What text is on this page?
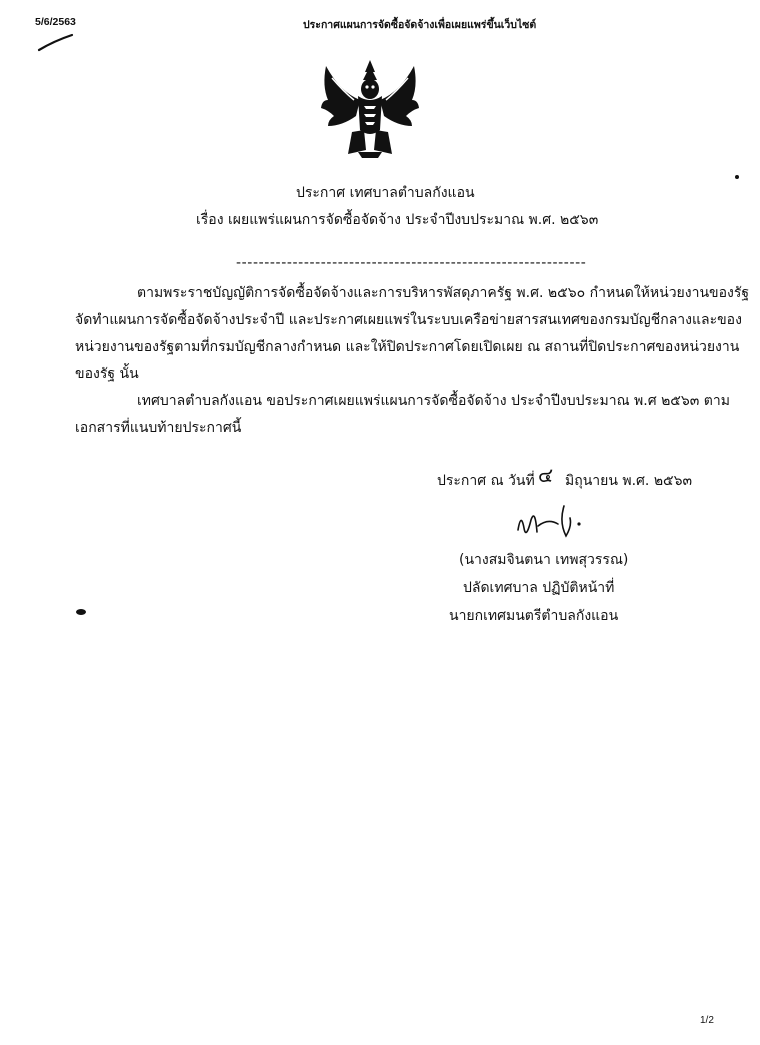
5/6/2563	ประกาศแผนการจัดซื้อจัดจ้างเพื่อเผยแพร่ขึ้นเว็บไซต์
ประกาศ เทศบาลตำบลกังแอน
เรื่อง เผยแพร่แผนการจัดซื้อจัดจ้าง ประจำปีงบประมาณ พ.ศ. ๒๕๖๓
--------------------------------------------------------------
ตามพระราชบัญญัติการจัดซื้อจัดจ้างและการบริหารพัสดุภาครัฐ พ.ศ. ๒๕๖๐ กำหนดให้หน่วยงานของรัฐ
จัดทำแผนการจัดซื้อจัดจ้างประจำปี และประกาศเผยแพร่ในระบบเครือข่ายสารสนเทศของกรมบัญชีกลางและของ
หน่วยงานของรัฐตามที่กรมบัญชีกลางกำหนด และให้ปิดประกาศโดยเปิดเผย ณ สถานที่ปิดประกาศของหน่วยงาน
ของรัฐ นั้น
เทศบาลตำบลกังแอน ขอประกาศเผยแพร่แผนการจัดซื้อจัดจ้าง ประจำปีงบประมาณ พ.ศ ๒๕๖๓ ตาม
เอกสารที่แนบท้ายประกาศนี้
ประกาศ ณ วันที่ ๔ มิถุนายน พ.ศ. ๒๕๖๓
(นางสมจินตนา เทพสุวรรณ)
ปลัดเทศบาล ปฏิบัติหน้าที่
นายกเทศมนตรีตำบลกังแอน
1/2
